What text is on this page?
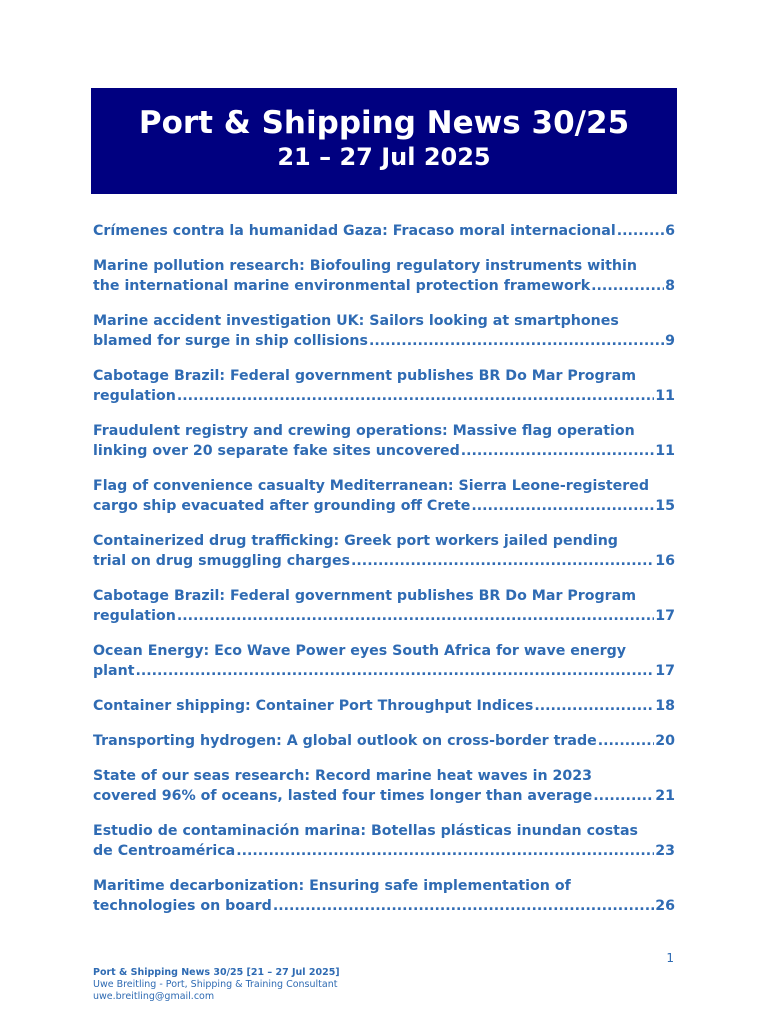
Port & Shipping News 30/25
21 – 27 Jul 2025
Crímenes contra la humanidad Gaza: Fracaso moral internacional .....	6
Marine pollution research: Biofouling regulatory instruments within
the international marine environmental protection framework .....	8
Marine accident investigation UK: Sailors looking at smartphones
blamed for surge in ship collisions .....	9
Cabotage Brazil: Federal government publishes BR Do Mar Program
regulation .....	11
Fraudulent registry and crewing operations: Massive flag operation
linking over 20 separate fake sites uncovered .....	11
Flag of convenience casualty Mediterranean: Sierra Leone-registered
cargo ship evacuated after grounding off Crete .....	15
Containerized drug trafficking: Greek port workers jailed pending
trial on drug smuggling charges .....	16
Cabotage Brazil: Federal government publishes BR Do Mar Program
regulation .....	17
Ocean Energy: Eco Wave Power eyes South Africa for wave energy
plant .....	17
Container shipping: Container Port Throughput Indices .....	18
Transporting hydrogen: A global outlook on cross-border trade .....	20
State of our seas research: Record marine heat waves in 2023
covered 96% of oceans, lasted four times longer than average .....	21
Estudio de contaminación marina: Botellas plásticas inundan costas
de Centroamérica .....	23
Maritime decarbonization: Ensuring safe implementation of
technologies on board .....	26
1
Port & Shipping News 30/25 [21 – 27 Jul 2025]
Uwe Breitling - Port, Shipping & Training Consultant
uwe.breitling@gmail.com
